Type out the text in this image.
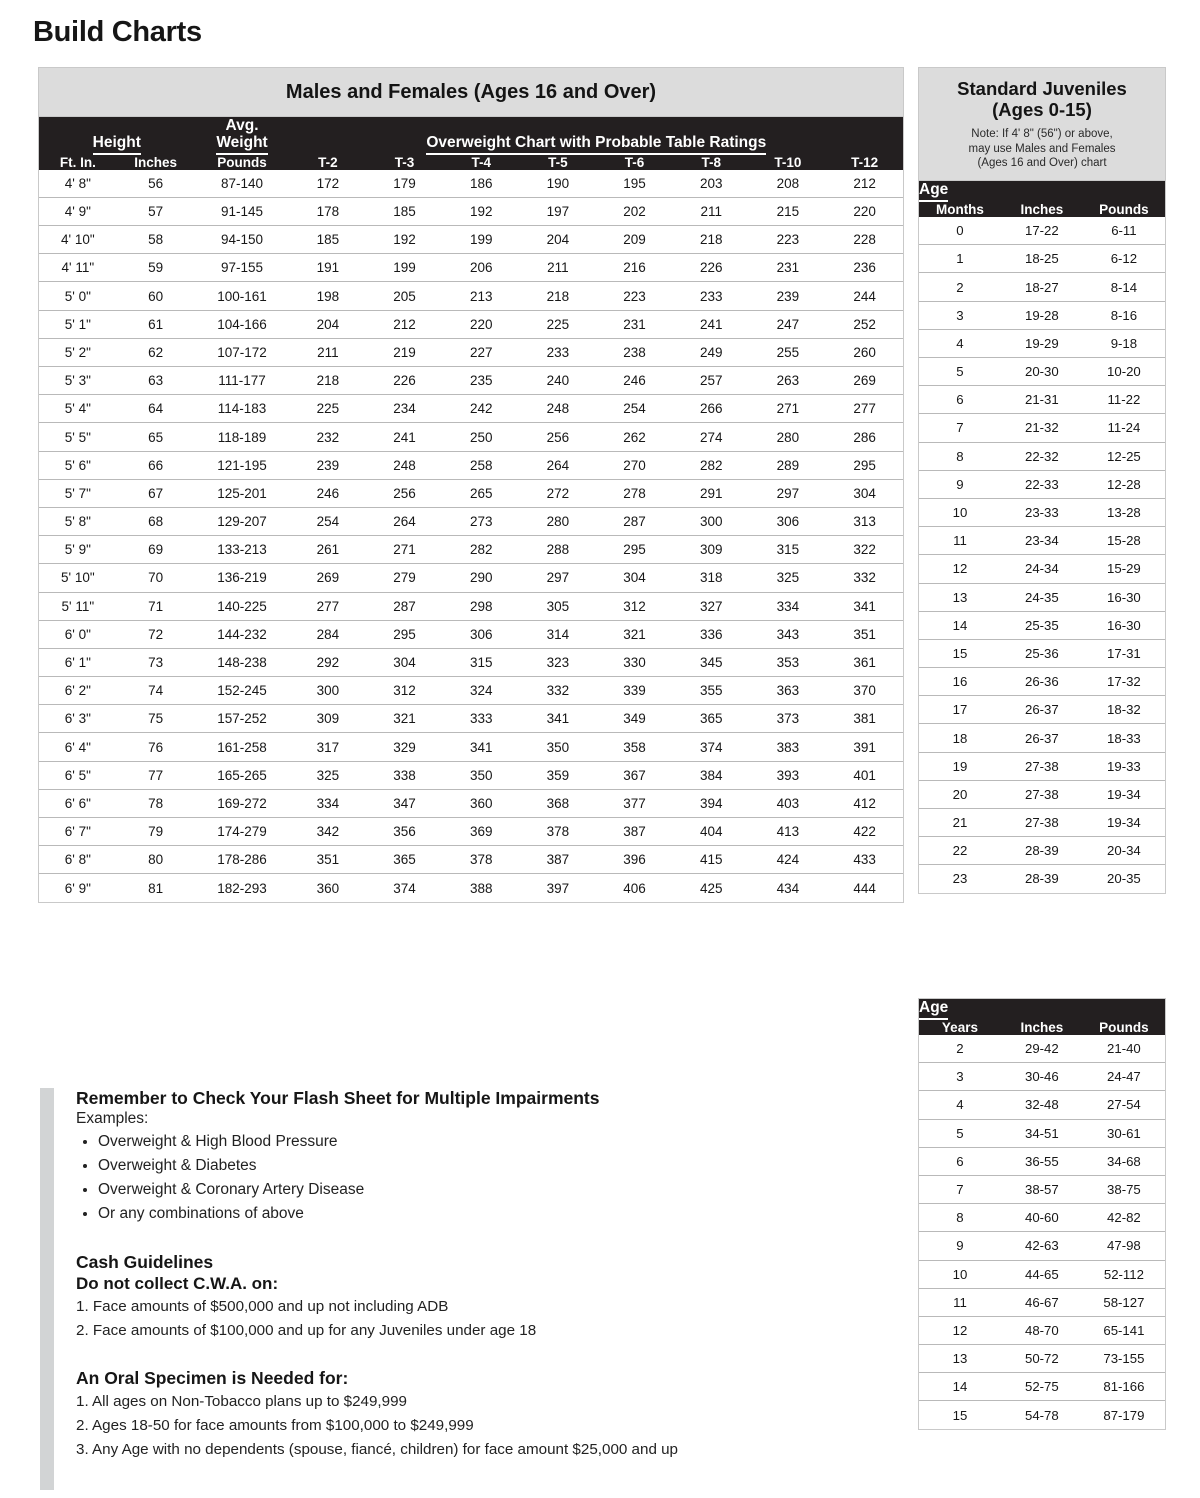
Build Charts
Males and Females (Ages 16 and Over)
Height		Avg.
Weight	Overweight Chart with Probable Table Ratings							
Ft. In.	Inches	Pounds	T-2	T-3	T-4	T-5	T-6	T-8	T-10	T-12
4' 8"	56	87-140	172	179	186	190	195	203	208	212
4' 9"	57	91-145	178	185	192	197	202	211	215	220
4' 10"	58	94-150	185	192	199	204	209	218	223	228
4' 11"	59	97-155	191	199	206	211	216	226	231	236
5' 0"	60	100-161	198	205	213	218	223	233	239	244
5' 1"	61	104-166	204	212	220	225	231	241	247	252
5' 2"	62	107-172	211	219	227	233	238	249	255	260
5' 3"	63	111-177	218	226	235	240	246	257	263	269
5' 4"	64	114-183	225	234	242	248	254	266	271	277
5' 5"	65	118-189	232	241	250	256	262	274	280	286
5' 6"	66	121-195	239	248	258	264	270	282	289	295
5' 7"	67	125-201	246	256	265	272	278	291	297	304
5' 8"	68	129-207	254	264	273	280	287	300	306	313
5' 9"	69	133-213	261	271	282	288	295	309	315	322
5' 10"	70	136-219	269	279	290	297	304	318	325	332
5' 11"	71	140-225	277	287	298	305	312	327	334	341
6' 0"	72	144-232	284	295	306	314	321	336	343	351
6' 1"	73	148-238	292	304	315	323	330	345	353	361
6' 2"	74	152-245	300	312	324	332	339	355	363	370
6' 3"	75	157-252	309	321	333	341	349	365	373	381
6' 4"	76	161-258	317	329	341	350	358	374	383	391
6' 5"	77	165-265	325	338	350	359	367	384	393	401
6' 6"	78	169-272	334	347	360	368	377	394	403	412
6' 7"	79	174-279	342	356	369	378	387	404	413	422
6' 8"	80	178-286	351	365	378	387	396	415	424	433
6' 9"	81	182-293	360	374	388	397	406	425	434	444
Standard Juveniles
(Ages 0-15)
Note: If 4' 8" (56") or above,
may use Males and Females
(Ages 16 and Over) chart
Age		
Months	Inches	Pounds
0	17-22	6-11
1	18-25	6-12
2	18-27	8-14
3	19-28	8-16
4	19-29	9-18
5	20-30	10-20
6	21-31	11-22
7	21-32	11-24
8	22-32	12-25
9	22-33	12-28
10	23-33	13-28
11	23-34	15-28
12	24-34	15-29
13	24-35	16-30
14	25-35	16-30
15	25-36	17-31
16	26-36	17-32
17	26-37	18-32
18	26-37	18-33
19	27-38	19-33
20	27-38	19-34
21	27-38	19-34
22	28-39	20-34
23	28-39	20-35
Age		
Years	Inches	Pounds
2	29-42	21-40
3	30-46	24-47
4	32-48	27-54
5	34-51	30-61
6	36-55	34-68
7	38-57	38-75
8	40-60	42-82
9	42-63	47-98
10	44-65	52-112
11	46-67	58-127
12	48-70	65-141
13	50-72	73-155
14	52-75	81-166
15	54-78	87-179
Remember to Check Your Flash Sheet for Multiple Impairments

Examples:

• Overweight & High Blood Pressure
• Overweight & Diabetes
• Overweight & Coronary Artery Disease
• Or any combinations of above
Cash Guidelines
Do not collect C.W.A. on:
1. Face amounts of $500,000 and up not including ADB
2. Face amounts of $100,000 and up for any Juveniles under age 18
An Oral Specimen is Needed for:
1. All ages on Non-Tobacco plans up to $249,999
2. Ages 18-50 for face amounts from $100,000 to $249,999
3. Any Age with no dependents (spouse, fiancé, children) for face amount $25,000 and up
